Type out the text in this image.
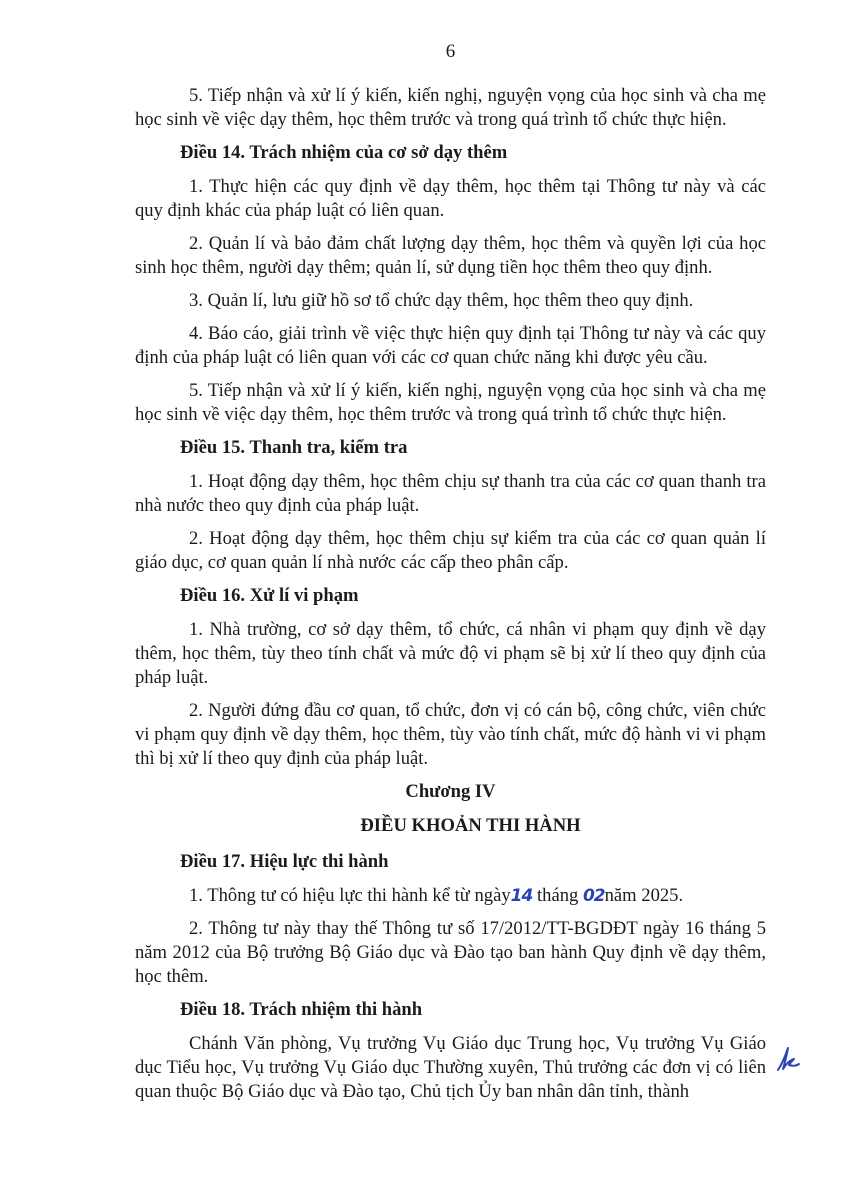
6

5. Tiếp nhận và xử lí ý kiến, kiến nghị, nguyện vọng của học sinh và cha mẹ học sinh về việc dạy thêm, học thêm trước và trong quá trình tổ chức thực hiện.

Điều 14. Trách nhiệm của cơ sở dạy thêm

1. Thực hiện các quy định về dạy thêm, học thêm tại Thông tư này và các quy định khác của pháp luật có liên quan.

2. Quản lí và bảo đảm chất lượng dạy thêm, học thêm và quyền lợi của học sinh học thêm, người dạy thêm; quản lí, sử dụng tiền học thêm theo quy định.

3. Quản lí, lưu giữ hồ sơ tổ chức dạy thêm, học thêm theo quy định.

4. Báo cáo, giải trình về việc thực hiện quy định tại Thông tư này và các quy định của pháp luật có liên quan với các cơ quan chức năng khi được yêu cầu.

5. Tiếp nhận và xử lí ý kiến, kiến nghị, nguyện vọng của học sinh và cha mẹ học sinh về việc dạy thêm, học thêm trước và trong quá trình tổ chức thực hiện.

Điều 15. Thanh tra, kiểm tra

1. Hoạt động dạy thêm, học thêm chịu sự thanh tra của các cơ quan thanh tra nhà nước theo quy định của pháp luật.

2. Hoạt động dạy thêm, học thêm chịu sự kiểm tra của các cơ quan quản lí giáo dục, cơ quan quản lí nhà nước các cấp theo phân cấp.

Điều 16. Xử lí vi phạm

1. Nhà trường, cơ sở dạy thêm, tổ chức, cá nhân vi phạm quy định về dạy thêm, học thêm, tùy theo tính chất và mức độ vi phạm sẽ bị xử lí theo quy định của pháp luật.

2. Người đứng đầu cơ quan, tổ chức, đơn vị có cán bộ, công chức, viên chức vi phạm quy định về dạy thêm, học thêm, tùy vào tính chất, mức độ hành vi vi phạm thì bị xử lí theo quy định của pháp luật.

Chương IV

ĐIỀU KHOẢN THI HÀNH

Điều 17. Hiệu lực thi hành

1. Thông tư có hiệu lực thi hành kể từ ngày14 tháng 02năm 2025.

2. Thông tư này thay thế Thông tư số 17/2012/TT-BGDĐT ngày 16 tháng 5 năm 2012 của Bộ trưởng Bộ Giáo dục và Đào tạo ban hành Quy định về dạy thêm, học thêm.

Điều 18. Trách nhiệm thi hành

Chánh Văn phòng, Vụ trưởng Vụ Giáo dục Trung học, Vụ trưởng Vụ Giáo dục Tiểu học, Vụ trưởng Vụ Giáo dục Thường xuyên, Thủ trưởng các đơn vị có liên quan thuộc Bộ Giáo dục và Đào tạo, Chủ tịch Ủy ban nhân dân tỉnh, thành
